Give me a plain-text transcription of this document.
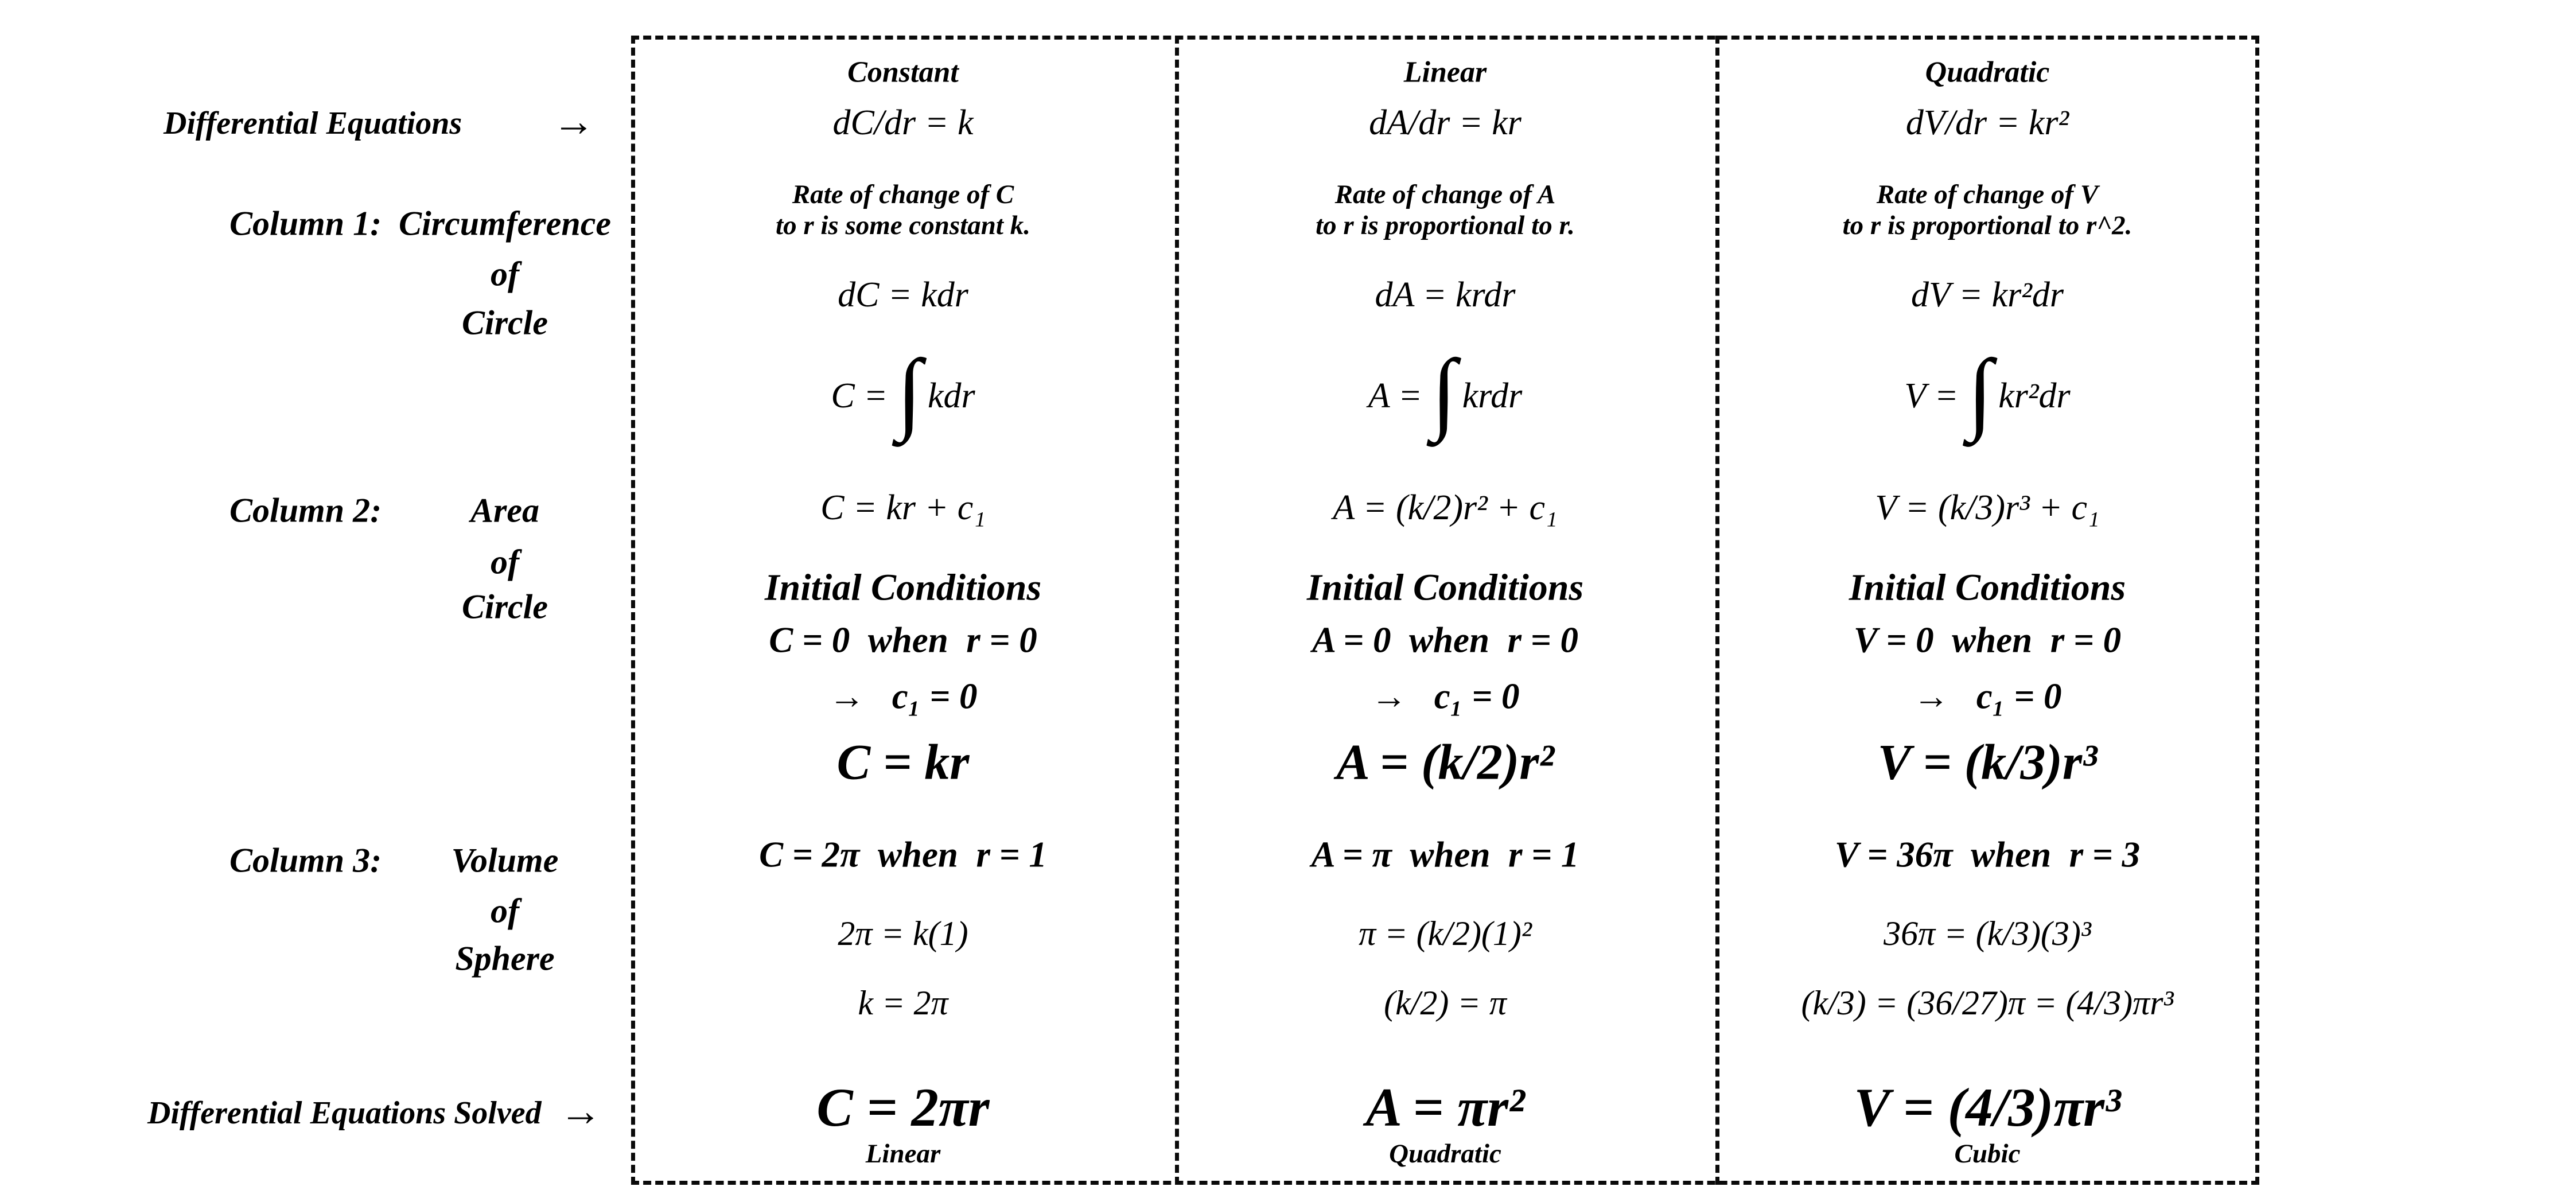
Differential Equations →
Column 1: Circumference
of
Circle
Column 2:	Area
of
Circle
Column 3:	Volume
of
Sphere
Differential Equations Solved →
Constant
dC/dr = k
Rate of change of C
to r is some constant k.
dC = kdr
C = ∫ kdr
C = kr + c₁
Initial Conditions
C = 0  when  r = 0
→   c₁ = 0
C = kr
C = 2π  when  r = 1
2π = k(1)
k = 2π
C = 2πr
Linear
Linear
dA/dr = kr
Rate of change of A
to r is proportional to r.
dA = krdr
A = ∫ krdr
A = (k/2)r² + c₁
Initial Conditions
A = 0  when  r = 0
→   c₁ = 0
A = (k/2)r²
A = π  when  r = 1
π = (k/2)(1)²
(k/2) = π
A = πr²
Quadratic
Quadratic
dV/dr = kr²
Rate of change of V
to r is proportional to r^2.
dV = kr²dr
V = ∫ kr²dr
V = (k/3)r³ + c₁
Initial Conditions
V = 0  when  r = 0
→   c₁ = 0
V = (k/3)r³
V = 36π  when  r = 3
36π = (k/3)(3)³
(k/3) = (36/27)π = (4/3)πr³
V = (4/3)πr³
Cubic
